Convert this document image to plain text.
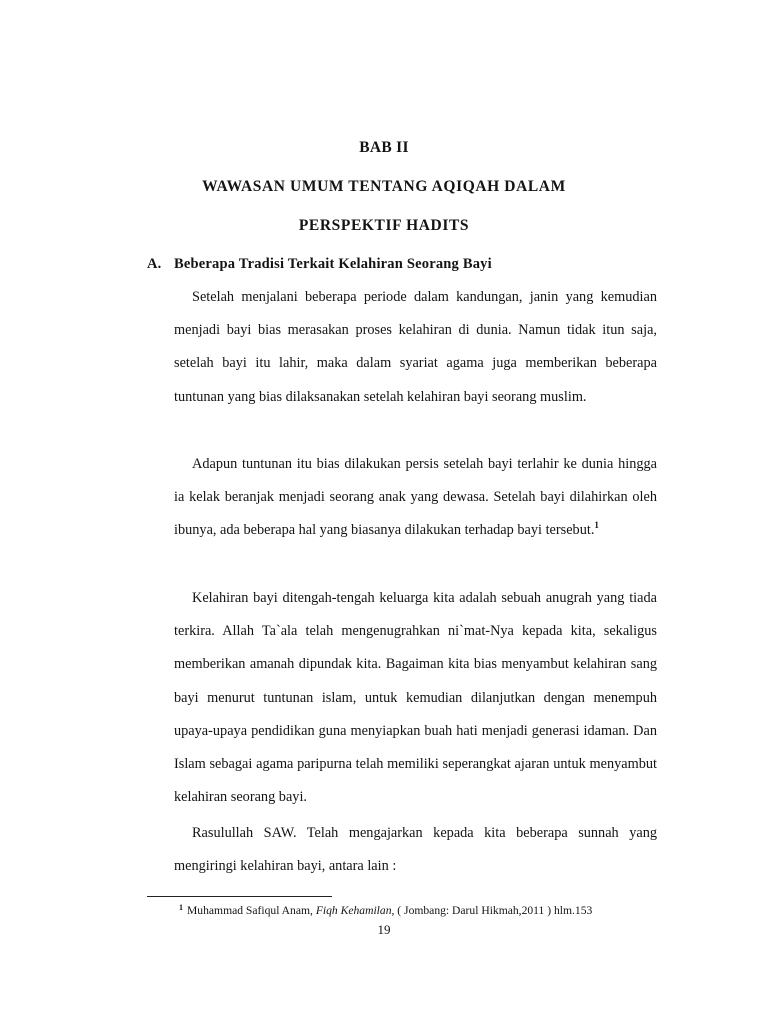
BAB II
WAWASAN UMUM TENTANG AQIQAH DALAM
PERSPEKTIF HADITS
A. Beberapa Tradisi Terkait Kelahiran Seorang Bayi

Setelah menjalani beberapa periode dalam kandungan, janin yang kemudian menjadi bayi bias merasakan proses kelahiran di dunia. Namun tidak itun saja, setelah bayi itu lahir, maka dalam syariat agama juga memberikan beberapa tuntunan yang bias dilaksanakan setelah kelahiran bayi seorang muslim.

Adapun tuntunan itu bias dilakukan persis setelah bayi terlahir ke dunia hingga ia kelak beranjak menjadi seorang anak yang dewasa. Setelah bayi dilahirkan oleh ibunya, ada beberapa hal yang biasanya dilakukan terhadap bayi tersebut.$^1$

Kelahiran bayi ditengah-tengah keluarga kita adalah sebuah anugrah yang tiada terkira. Allah Ta`ala telah mengenugrahkan ni`mat-Nya kepada kita, sekaligus memberikan amanah dipundak kita. Bagaiman kita bias menyambut kelahiran sang bayi menurut tuntunan islam, untuk kemudian dilanjutkan dengan menempuh upaya-upaya pendidikan guna menyiapkan buah hati menjadi generasi idaman. Dan Islam sebagai agama paripurna telah memiliki seperangkat ajaran untuk menyambut kelahiran seorang bayi.

Rasulullah SAW. Telah mengajarkan kepada kita beberapa sunnah yang mengiringi kelahiran bayi, antara lain :

$^1$ Muhammad Safiqul Anam, Fiqh Kehamilan, ( Jombang: Darul Hikmah,2011 ) hlm.153
19
